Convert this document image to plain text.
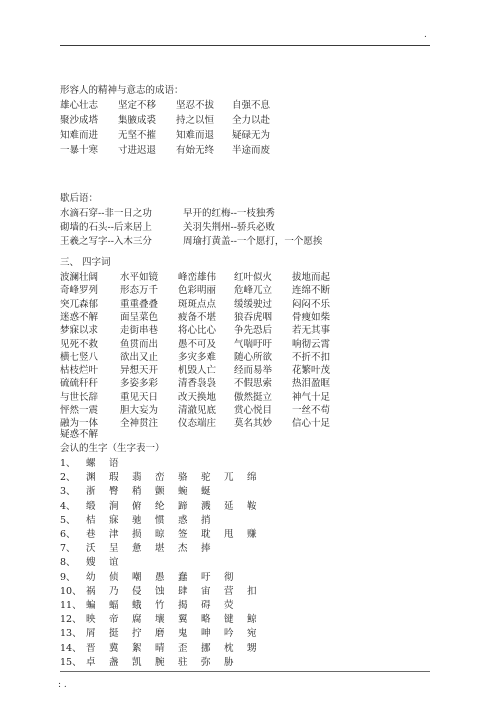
.
形容人的精神与意志的成语：
雄心壮志 坚定不移 坚忍不拔 自强不息
聚沙成塔 集腋成裘 持之以恒 全力以赴
知难而进 无坚不摧 知难而退 疑碌无为
一暴十寒 寸进迟退 有始无终 半途而废
歇后语：
水滴石穿--非一日之功	早开的红梅--一枝独秀
砌墙的石头--后来居上	关羽失荆州--骄兵必败
王羲之写字--入木三分	周瑜打黄盖--一个愿打，一个愿挨
三、 四字词
波澜壮阔 水平如镜 峰峦雄伟 红叶似火 拔地而起
奇峰罗列 形态万千 色彩明丽 危峰兀立 连绵不断
突兀森郁 重重叠叠 斑斑点点 缓缓驶过 闷闷不乐
迷惑不解 面呈菜色 疲备不堪 狼吞虎咽 骨瘦如柴
梦寐以求 走街串巷 将心比心 争先恐后 若无其事
见死不救 鱼贯而出 愚不可及 气喘吁吁 响彻云霄
横七竖八 欲出又止 多灾多难 随心所欲 不折不扣
枯枝烂叶 异想天开 机毁人亡 经而易举 花繁叶茂
硫硫秆秆 多姿多彩 清香袅袅 不假思索 热泪盈眶
与世长辞 重见天日 改天换地 傲然挺立 神气十足
怦然一震 胆大妄为 清澈见底 赏心悦目 一丝不苟
融为一体 全神贯注 仪态端庄 莫名其妙 信心十足
疑惑不解
会认的生字（生字表一）
1、 螺 语
2、 渊 瑕 翡 峦 骆 驼 兀 绵
3、 浙 臀 稍 颤 蜿 蜒
4、 缎 涧 俯 纶 蹄 溅 延 鞍
5、 桔 寐 驰 惯 惑 捎
6、 巷 津 损 晾 签 耽 甩 赚
7、 沃 呈 惫 堪 杰 捧
8、 嫂 谊
9、 幼 侦 嘲 愚 蠢 吁 彻
10、 祸 乃 侵 蚀 肆 宙 营 扣
11、 蝙 蝠 蛾 竹 揭 碍 荧
12、 映 帝 腐 壤 翼 略 键 鲸
13、 屑 挺 拧 磨 鬼 呻 吟 宛
14、 晋 冀 絮 晴 歪 挪 枕 甥
15、 卓 盏 凯 腕 驻 弥 胁
: .
